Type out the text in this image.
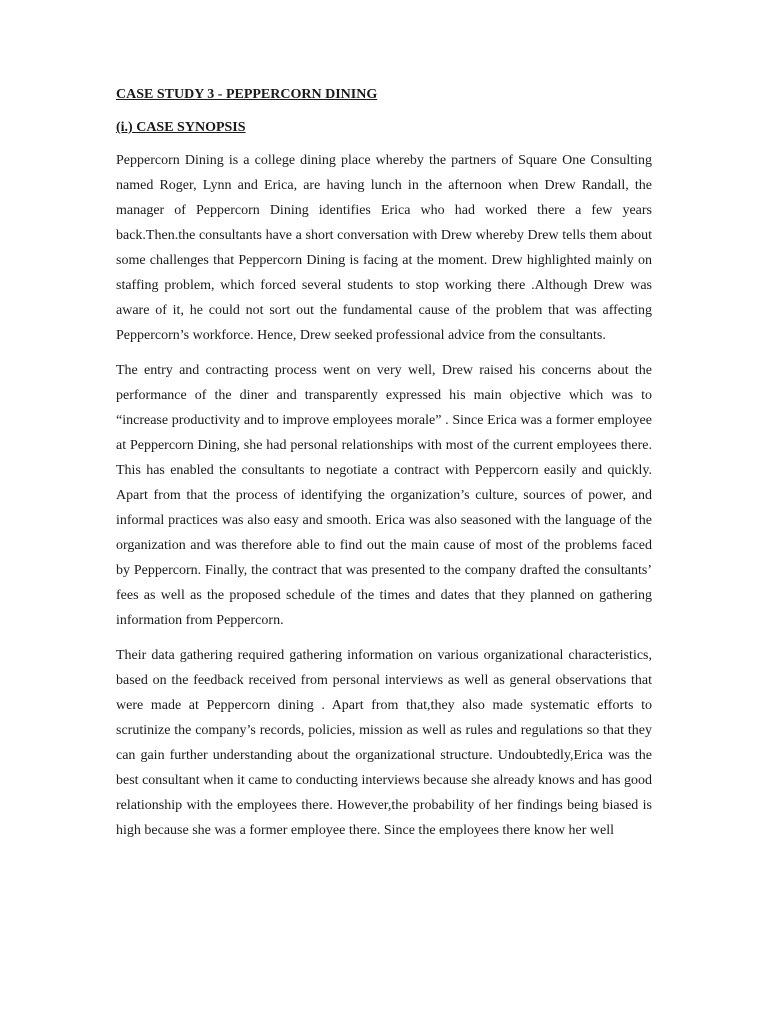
CASE STUDY 3 - PEPPERCORN DINING

(i.) CASE SYNOPSIS

Peppercorn Dining is a college dining place whereby the partners of Square One Consulting named Roger, Lynn and Erica, are having lunch in the afternoon when Drew Randall, the manager of Peppercorn Dining identifies Erica who had worked there a few years back.Then.the consultants have a short conversation with Drew whereby Drew tells them about some challenges that Peppercorn Dining is facing at the moment. Drew highlighted mainly on staffing problem, which forced several students to stop working there .Although Drew was aware of it, he could not sort out the fundamental cause of the problem that was affecting Peppercorn’s workforce. Hence, Drew seeked professional advice from the consultants.

The entry and contracting process went on very well, Drew raised his concerns about the performance of the diner and transparently expressed his main objective which was to “increase productivity and to improve employees morale” . Since Erica was a former employee at Peppercorn Dining, she had personal relationships with most of the current employees there. This has enabled the consultants to negotiate a contract with Peppercorn easily and quickly. Apart from that the process of identifying the organization’s culture, sources of power, and informal practices was also easy and smooth. Erica was also seasoned with the language of the organization and was therefore able to find out the main cause of most of the problems faced by Peppercorn. Finally, the contract that was presented to the company drafted the consultants’ fees as well as the proposed schedule of the times and dates that they planned on gathering information from Peppercorn.

Their data gathering required gathering information on various organizational characteristics, based on the feedback received from personal interviews as well as general observations that were made at Peppercorn dining . Apart from that,they also made systematic efforts to scrutinize the company’s records, policies, mission as well as rules and regulations so that they can gain further understanding about the organizational structure. Undoubtedly,Erica was the best consultant when it came to conducting interviews because she already knows and has good relationship with the employees there. However,the probability of her findings being biased is high because she was a former employee there. Since the employees there know her well
